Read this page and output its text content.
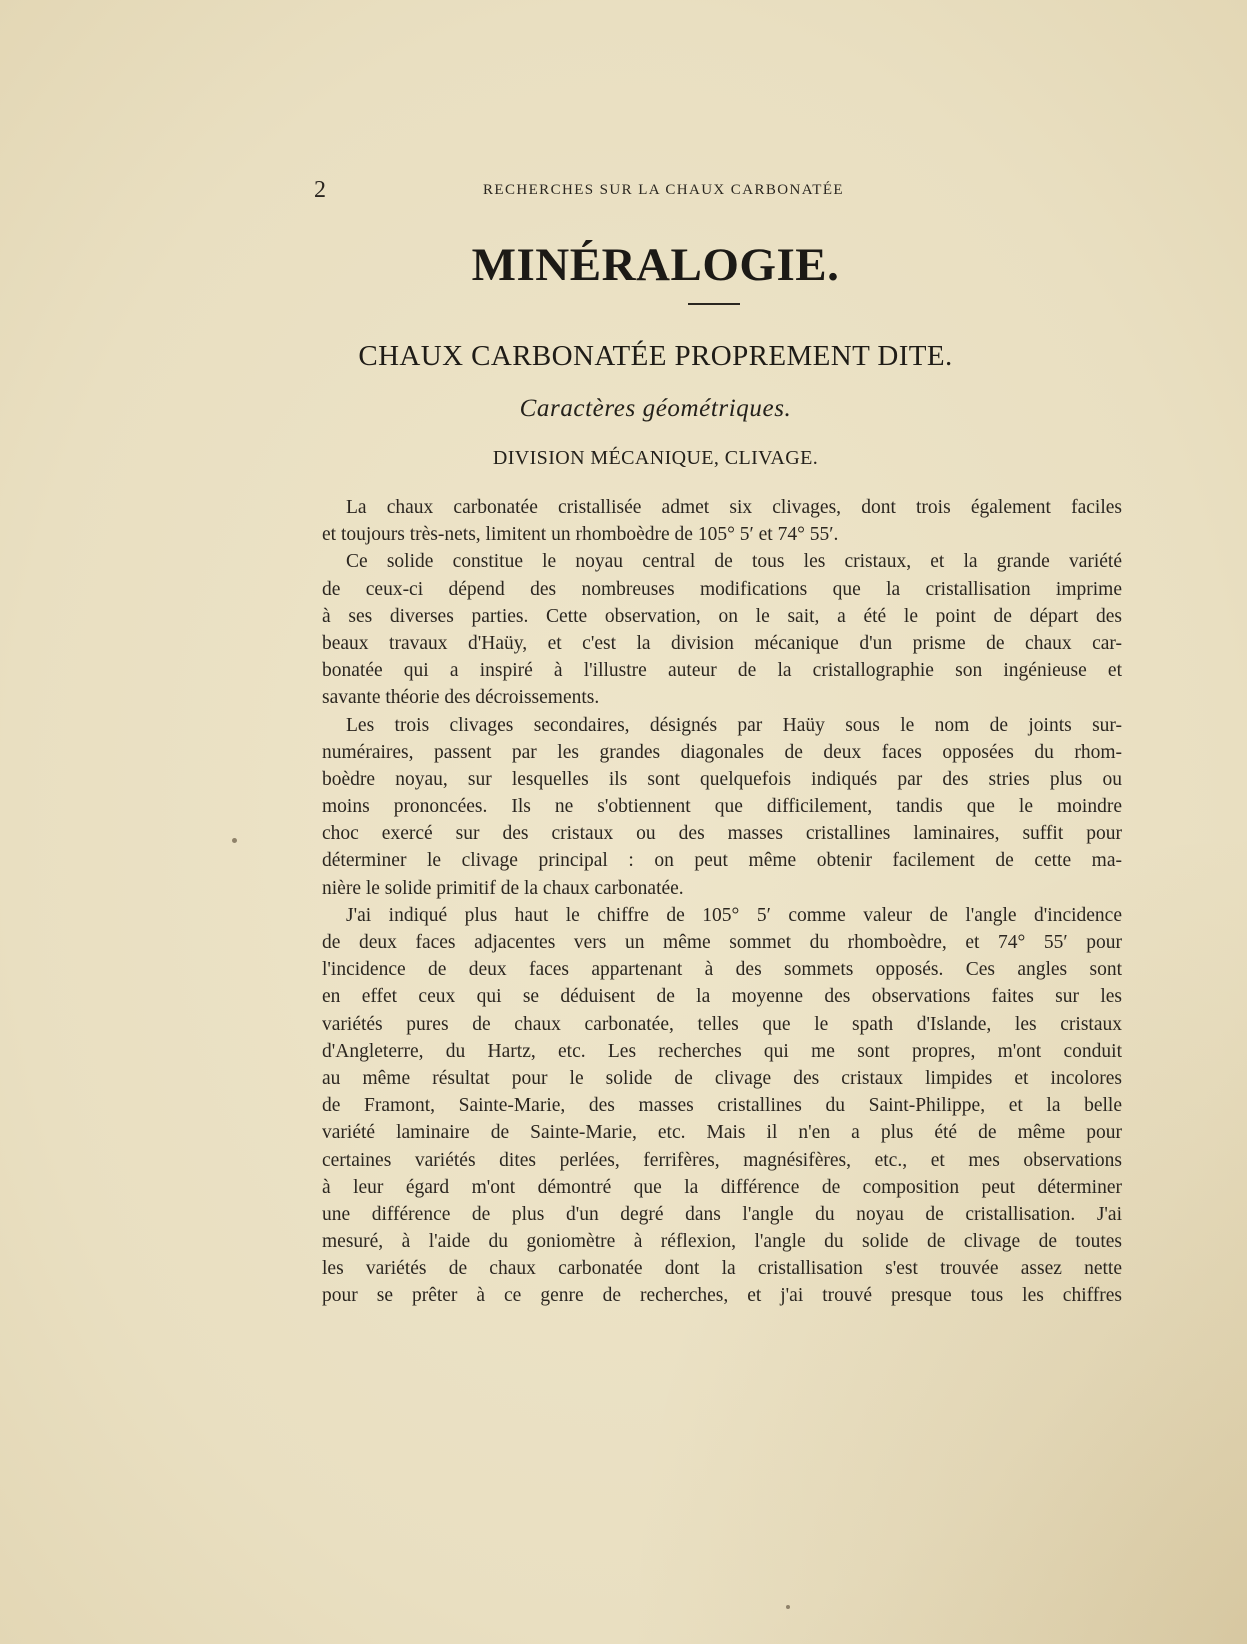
2	RECHERCHES SUR LA CHAUX CARBONATÉE
MINÉRALOGIE.
CHAUX CARBONATÉE PROPREMENT DITE.
Caractères géométriques.
DIVISION MÉCANIQUE, CLIVAGE.
La chaux carbonatée cristallisée admet six clivages, dont trois également faciles
et toujours très-nets, limitent un rhomboèdre de 105° 5′ et 74° 55′.
Ce solide constitue le noyau central de tous les cristaux, et la grande variété
de ceux-ci dépend des nombreuses modifications que la cristallisation imprime
à ses diverses parties. Cette observation, on le sait, a été le point de départ des
beaux travaux d'Haüy, et c'est la division mécanique d'un prisme de chaux car-
bonatée qui a inspiré à l'illustre auteur de la cristallographie son ingénieuse et
savante théorie des décroissements.
Les trois clivages secondaires, désignés par Haüy sous le nom de joints sur-
numéraires, passent par les grandes diagonales de deux faces opposées du rhom-
boèdre noyau, sur lesquelles ils sont quelquefois indiqués par des stries plus ou
moins prononcées. Ils ne s'obtiennent que difficilement, tandis que le moindre
choc exercé sur des cristaux ou des masses cristallines laminaires, suffit pour
déterminer le clivage principal : on peut même obtenir facilement de cette ma-
nière le solide primitif de la chaux carbonatée.
J'ai indiqué plus haut le chiffre de 105° 5′ comme valeur de l'angle d'incidence
de deux faces adjacentes vers un même sommet du rhomboèdre, et 74° 55′ pour
l'incidence de deux faces appartenant à des sommets opposés. Ces angles sont
en effet ceux qui se déduisent de la moyenne des observations faites sur les
variétés pures de chaux carbonatée, telles que le spath d'Islande, les cristaux
d'Angleterre, du Hartz, etc. Les recherches qui me sont propres, m'ont conduit
au même résultat pour le solide de clivage des cristaux limpides et incolores
de Framont, Sainte-Marie, des masses cristallines du Saint-Philippe, et la belle
variété laminaire de Sainte-Marie, etc. Mais il n'en a plus été de même pour
certaines variétés dites perlées, ferrifères, magnésifères, etc., et mes observations
à leur égard m'ont démontré que la différence de composition peut déterminer
une différence de plus d'un degré dans l'angle du noyau de cristallisation. J'ai
mesuré, à l'aide du goniomètre à réflexion, l'angle du solide de clivage de toutes
les variétés de chaux carbonatée dont la cristallisation s'est trouvée assez nette
pour se prêter à ce genre de recherches, et j'ai trouvé presque tous les chiffres
